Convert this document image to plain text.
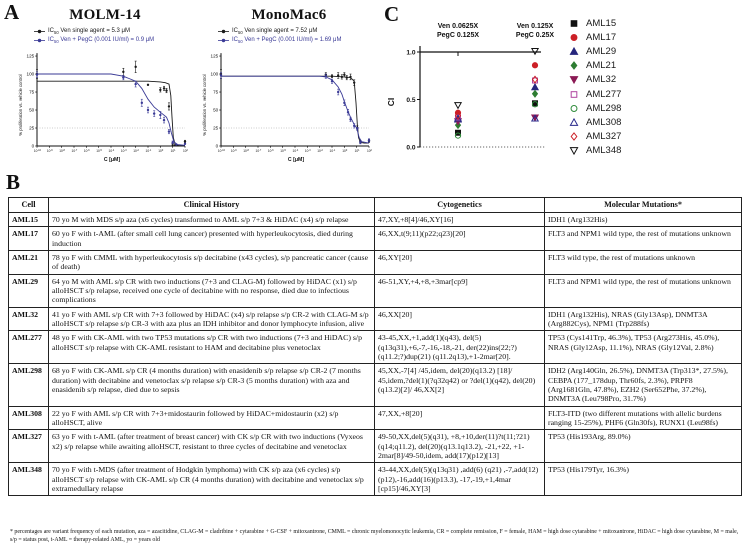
A
B
C
MOLM-14
$IC_{50}$ Ven single agent = 5.3 μM
$IC_{50}$ Ven + PegC (0.001 IU/ml) = 0.9 μM
% proliferation vs. vehicle control
C [μM]
0
25
50
75
100
125
$10^{-10}$ $10^{-9}$ $10^{-8}$ $10^{-7}$ $10^{-6}$ $10^{-5}$ $10^{-4}$ $10^{-3}$ $10^{-2}$ $10^{-1}$ $10^0$ $10^1$ $10^2$
MonoMac6
$IC_{50}$ Ven single agent = 7.52 μM
$IC_{50}$ Ven + PegC (0.001 IU/ml) = 1.69 μM
% proliferation vs. vehicle control
C [μM]
0
25
50
75
100
125
$10^{-10}$ $10^{-9}$ $10^{-8}$ $10^{-7}$ $10^{-6}$ $10^{-5}$ $10^{-4}$ $10^{-3}$ $10^{-2}$ $10^{-1}$ $10^0$ $10^1$ $10^2$
Ven 0.0625X
PegC 0.125X
Ven 0.125X
PegC 0.25X
CI
0.0
0.5
1.0
AML15
AML17
AML29
AML21
AML32
AML277
AML298
AML308
AML327
AML348
Cell	Clinical History	Cytogenetics	Molecular Mutations*
AML15	70 yo M with MDS s/p aza (x6 cycles) transformed to AML s/p 7+3 & HiDAC (x4) s/p relapse	47,XY,+8[4]/46,XY[16]	IDH1 (Arg132His)
AML17	60 yo F with t-AML (after small cell lung cancer) presented with hyperleukocytosis, died during induction	46,XX,t(9;11)(p22;q23)[20]	FLT3 and NPM1 wild type, the rest of mutations unknown
AML21	78 yo F with CMML with hyperleukocytosis s/p decitabine (x43 cycles), s/p pancreatic cancer (cause of death)	46,XY[20]	FLT3 wild type, the rest of mutations unknown
AML29	64 yo M with AML s/p CR with two inductions (7+3 and CLAG-M) followed by HiDAC (x1) s/p alloHSCT s/p relapse, received one cycle of decitabine with no response, died due to infectious complications	46-51,XY,+4,+8,+3mar[cp9]	FLT3 and NPM1 wild type, the rest of mutations unknown
AML32	41 yo F with AML s/p CR with 7+3 followed by HiDAC (x4) s/p relapse s/p CR-2 with CLAG-M s/p alloHSCT s/p relapse s/p CR-3 with aza plus an IDH inhibitor and donor lymphocyte infusion, alive	46,XX[20]	IDH1 (Arg132His), NRAS (Gly13Asp), DNMT3A (Arg882Cys), NPM1 (Trp288fs)
AML277	48 yo F with CK-AML with two TP53 mutations s/p CR with two inductions (7+3 and HiDAC) s/p alloHSCT s/p relapse with CK-AML resistant to HAM and decitabine plus venetoclax	43-45,XX,+1,add(1)(q43), del(5) (q13q31),+6,-7,-16,-18,-21, der(22)ins(22;?) (q11.2;?)dup(21) (q11.2q13),+1-2mar[20].	TP53 (Cys141Trp, 46.3%), TP53 (Arg273His, 45.0%), NRAS (Gly12Asp, 11.1%), NRAS (Gly12Val, 2.8%)
AML298	68 yo F with CK-AML s/p CR (4 months duration) with enasidenib s/p relapse s/p CR-2 (7 months duration) with decitabine and venetoclax s/p relapse s/p CR-3 (5 months duration) with aza and enasidenib s/p relapse, died due to sepsis	45,XX,-7[4] /45,idem, del(20)(q13.2) [18]/ 45,idem,?del(1)(?q32q42) or ?del(1)(q42), del(20)(q13.2)[2]/ 46,XX[2]	IDH2 (Arg140Gln, 26.5%), DNMT3A (Trp313*, 27.5%), CEBPA (177_178dup, Thr60fs, 2.3%), PRPF8 (Arg1681Gln, 47.8%), EZH2 (Ser652Phe, 37.2%), DNMT3A (Leu798Pro, 31.7%)
AML308	22 yo F with AML s/p CR with 7+3+midostaurin followed by HiDAC+midostaurin (x2) s/p alloHSCT, alive	47,XX,+8[20]	FLT3-ITD (two different mutations with allelic burdens ranging 15-25%), PHF6 (Gln30fs), RUNX1 (Leu98fs)
AML327	63 yo F with t-AML (after treatment of breast cancer) with CK s/p CR with two inductions (Vyxeos x2) s/p relapse while awaiting alloHSCT, resistant to three cycles of decitabine and venetoclax	49-50,XX,del(5)(q31), +8,+10,der(11)?t(11;?21)(q14;q11.2), del(20)(q13.1q13.2), -21,+22, +1-2mar[8]/49-50,idem, add(17)(p12)[13]	TP53 (His193Arg, 89.0%)
AML348	70 yo F with t-MDS (after treatment of Hodgkin lymphoma) with CK s/p aza (x6 cycles) s/p alloHSCT s/p relapse with CK-AML s/p CR (4 months duration) with decitabine and venetoclax s/p extramedullary relapse	43-44,XX,del(5)(q13q31) ,add(6) (q21) ,-7,add(12) (p12),-16,add(16)(p13.3), -17,-19,+1,4mar [cp15]/46,XY[3]	TP53 (His179Tyr, 16.3%)
* percentages are variant frequency of each mutation, aza = azacitidine, CLAG-M = cladribine + cytarabine + G-CSF + mitoxantrone, CMML = chronic myelomonocytic leukemia, CR = complete remission, F = female, HAM = high dose cytarabine + mitoxantrone, HiDAC = high dose cytarabine, M = male, s/p = status post, t-AML = therapy-related AML, yo = years old
